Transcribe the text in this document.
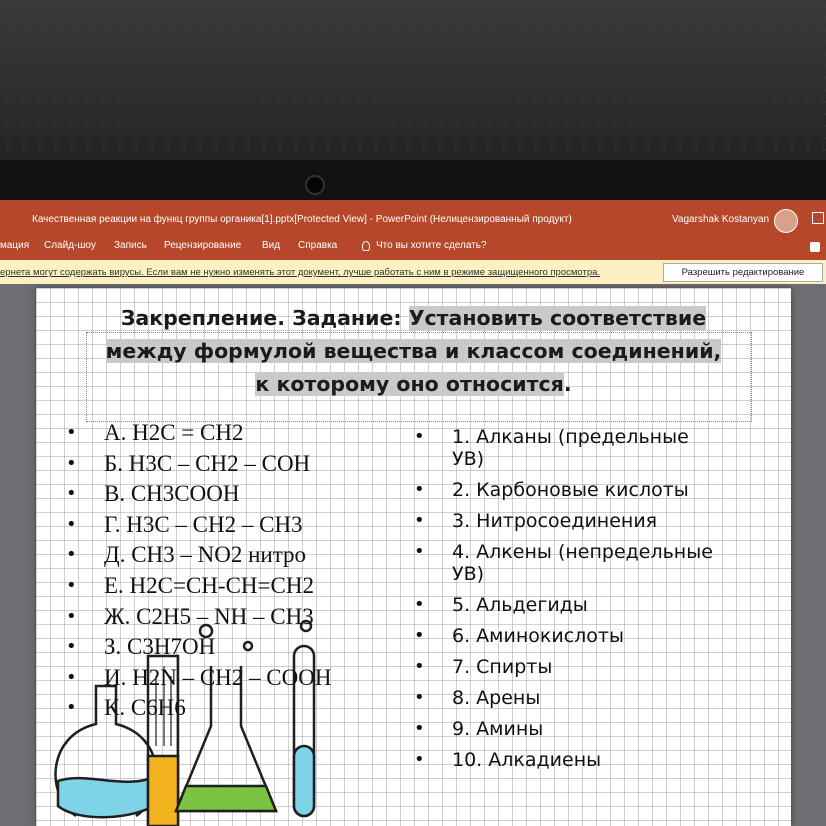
Качественная реакции на функц группы органика[1].pptx[Protected View] - PowerPoint (Нелицензированный продукт)	Vagarshak Kostanyan
мация Слайд-шоу Запись Рецензирование Вид Справка	Что вы хотите сделать?
ернета могут содержать вирусы. Если вам не нужно изменять этот документ, лучше работать с ним в режиме защищенного просмотра.	Разрешить редактирование
Закрепление. Задание: Установить соответствие
между формулой вещества и классом соединений,
к которому оно относится.
• А. Н2С = СН2
• Б. Н3С – СН2 – СОН
• В. СН3СООН
• Г. Н3С – СН2 – СН3
• Д. СН3 – NO2 нитро
• Е. Н2С=СН-СН=СН2
• Ж. С2Н5 – NН – СН3
• З. С3Н7ОН
• И. Н2N – СН2 – СООН
• К. С6Н6
• 1. Алканы (предельные УВ)
• 2. Карбоновые кислоты
• 3. Нитросоединения
• 4. Алкены (непредельные УВ)
• 5. Альдегиды
• 6. Аминокислоты
• 7. Спирты
• 8. Арены
• 9. Амины
• 10. Алкадиены
